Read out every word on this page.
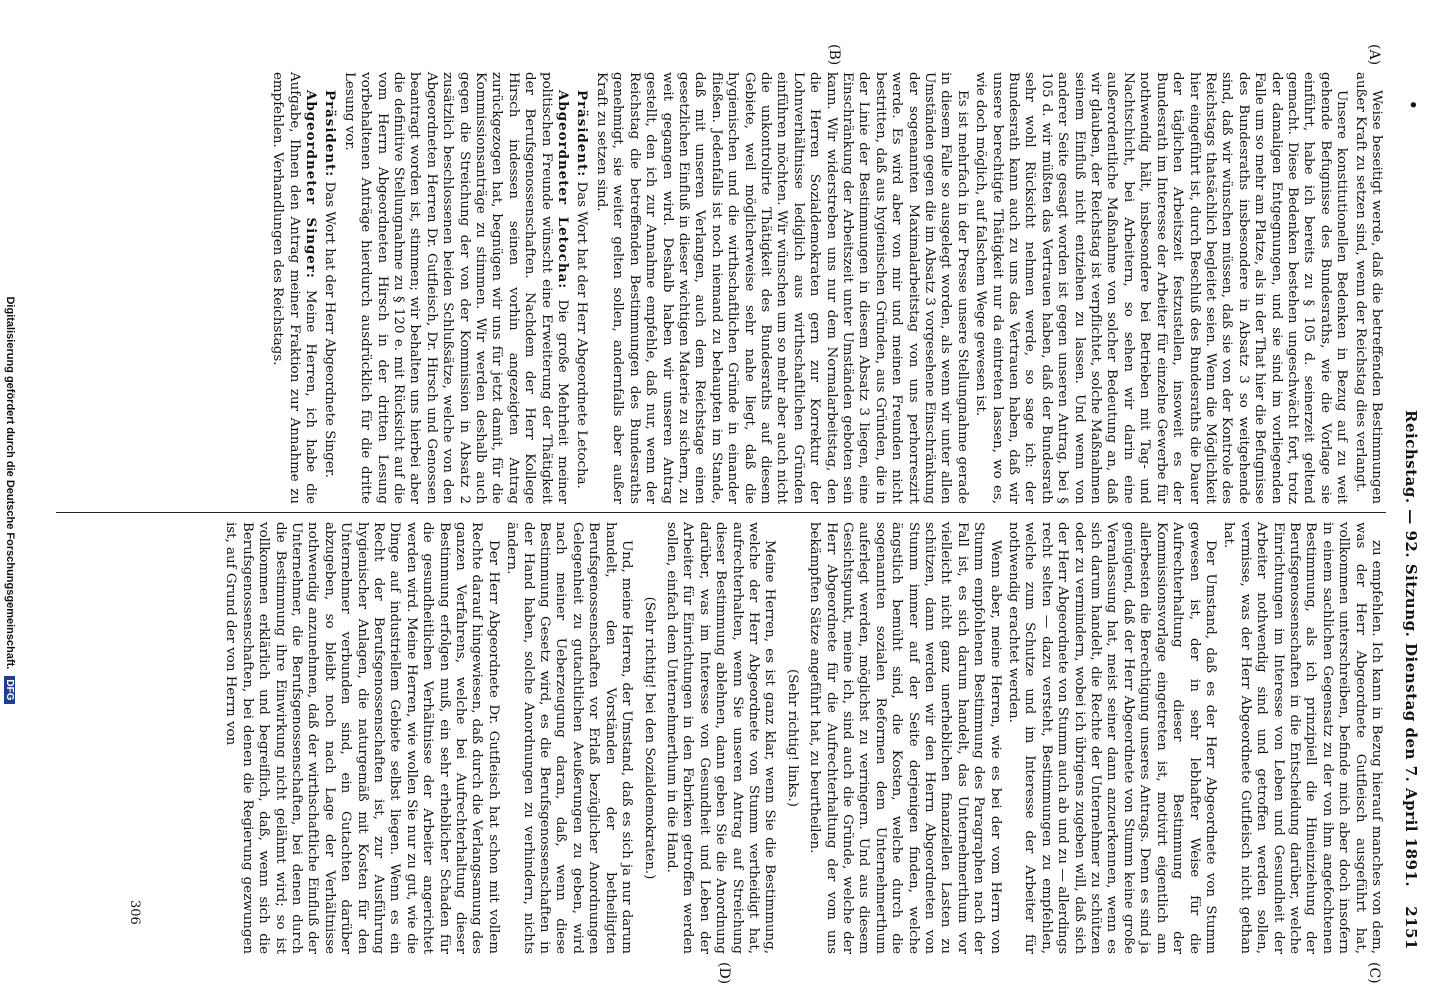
•
Reichstag. — 92. Sitzung. Dienstag den 7. April 1891.
2151
(A)
(B)
(C)
(D)

Weise beseitigt werde, daß die betreffenden Bestimmungen außer Kraft zu setzen sind, wenn der Reichstag dies verlangt.

Unsere konstitutionellen Bedenken in Bezug auf zu weit gehende Befugnisse des Bundesraths, wie die Vorlage sie einführt, habe ich bereits zu § 105 d. seinerzeit geltend gemacht. Diese Bedenken bestehen ungeschwächt fort, trotz der damaligen Entgegnungen, und sie sind im vorliegenden Falle um so mehr am Platze, als in der That hier die Befugnisse des Bundesraths insbesondere in Absatz 3 so weitgehende sind, daß wir wünschen müssen, daß sie von der Kontrole des Reichstags thatsächlich begleitet seien. Wenn die Möglichkeit hier eingeführt ist, durch Beschluß des Bundesraths die Dauer der täglichen Arbeitszeit festzustellen, insoweit es der Bundesrath im Interesse der Arbeiter für einzelne Gewerbe für nothwendig hält, insbesondere bei Betrieben mit Tag- und Nachtschicht, bei Arbeitern, so sehen wir darin eine außerordentliche Maßnahme von solcher Bedeutung an, daß wir glauben, der Reichstag ist verpflichtet, solche Maßnahmen seinem Einfluß nicht entziehen zu lassen. Und wenn von anderer Seite gesagt worden ist gegen unseren Antrag, bei § 105 d. wir müßten das Vertrauen haben, daß der Bundesrath sehr wohl Rücksicht nehmen werde, so sage ich: der Bundesrath kann auch zu uns das Vertrauen haben, daß wir unsere berechtigte Thätigkeit nur da eintreten lassen, wo es, wie doch möglich, auf falschem Wege gewesen ist.

Es ist mehrfach in der Presse unsere Stellungnahme gerade in diesem Falle so ausgelegt worden, als wenn wir unter allen Umständen gegen die im Absatz 3 vorgesehene Einschränkung der sogenannten Maximalarbeitstag von uns perhorreszirt werde. Es wird aber von mir und meinen Freunden nicht bestritten, daß aus hygienischen Gründen, aus Gründen, die in der Linie der Bestimmungen in diesem Absatz 3 liegen, eine Einschränkung der Arbeitszeit unter Umständen geboten sein kann. Wir widerstreben uns nur dem Normalarbeitstag, den die Herren Sozialdemokraten gern zur Korrektur der Lohnverhältnisse lediglich aus wirthschaftlichen Gründen einführen möchten. Wir wünschen um so mehr aber auch nicht die unkontrolirte Thätigkeit des Bundesraths auf diesem Gebiete, weil möglicherweise sehr nahe liegt, daß die hygienischen und die wirthschaftlichen Gründe in einander fließen. Jedenfalls ist noch niemand zu behaupten im Stande, daß mit unseren Verlangen, auch dem Reichstage einen gesetzlichen Einfluß in dieser wichtigen Materie zu sichern, zu weit gegangen wird. Deshalb haben wir unseren Antrag gestellt, den ich zur Annahme empfehle, daß nur, wenn der Reichstag die betreffenden Bestimmungen des Bundesraths genehmigt, sie weiter gelten sollen, andernfalls aber außer Kraft zu setzen sind.

Präsident: Das Wort hat der Herr Abgeordnete Letocha.

Abgeordneter Letocha: Die große Mehrheit meiner politischen Freunde wünscht eine Erweiterung der Thätigkeit der Berufsgenossenschaften. Nachdem der Herr Kollege Hirsch indessen seinen vorhin angezeigten Antrag zurückgezogen hat, begnügen wir uns für jetzt damit, für die Kommissionsanträge zu stimmen. Wir werden deshalb auch gegen die Streichung der von der Kommission in Absatz 2 zusätzlich beschlossenen beiden Schlußsätze, welche von den Abgeordneten Herren Dr. Gutfleisch, Dr. Hirsch und Genossen beantragt worden ist, stimmen; wir behalten uns hierbei aber die definitive Stellungnahme zu § 120 e. mit Rücksicht auf die vom Herrn Abgeordneten Hirsch in der dritten Lesung vorbehaltenen Anträge hierdurch ausdrücklich für die dritte Lesung vor.

Präsident: Das Wort hat der Herr Abgeordnete Singer.

Abgeordneter Singer: Meine Herren, ich habe die Aufgabe, Ihnen den Antrag meiner Fraktion zur Annahme zu empfehlen. Verhandlungen des Reichstags.

zu empfehlen. Ich kann in Bezug hierauf manches von dem, was der Herr Abgeordnete Gutfleisch ausgeführt hat, vollkommen unterschreiben, befinde mich aber doch insofern in einem sachlichen Gegensatz zu der von ihm angefochtenen Bestimmung, als ich prinzipiell die Hineinziehung der Berufsgenossenschaften in die Entscheidung darüber, welche Einrichtungen im Interesse von Leben und Gesundheit der Arbeiter nothwendig sind und getroffen werden sollen, vermisse, was der Herr Abgeordnete Gutfleisch nicht gethan hat.

Der Umstand, daß es der Herr Abgeordnete von Stumm gewesen ist, der in sehr lebhafter Weise für die Aufrechterhaltung dieser Bestimmung der Kommissionsvorlage eingetreten ist, motivirt eigentlich am allerbesten die Berechtigung unseres Antrags. Denn es sind ja genügend, daß der Herr Abgeordnete von Stumm keine große Veranlassung hat, meist seiner dann anzuerkennen, wenn es sich darum handelt, die Rechte der Unternehmer zu schützen oder zu vermindern, wobei ich übrigens zugeben will, daß sich der Herr Abgeordnete von Stumm auch ab und zu — allerdings recht selten — dazu versteht, Bestimmungen zu empfehlen, welche zum Schutze und im Interesse der Arbeiter für nothwendig erachtet werden.

Wenn aber, meine Herren, wie es bei der vom Herrn von Stumm empfohlenen Bestimmung des Paragraphen nach der Fall ist, es sich darum handelt, das Unternehmerthum vor vielleicht nicht ganz unerheblichen finanziellen Lasten zu schützen, dann werden wir den Herrn Abgeordneten von Stumm immer auf der Seite derjenigen finden, welche ängstlich bemüht sind, die Kosten, welche durch die sogenannten sozialen Reformen dem Unternehmerthum auferlegt werden, möglichst zu verringern. Und aus diesem Gesichtspunkt, meine ich, sind auch die Gründe, welche der Herr Abgeordnete für die Aufrechterhaltung der vom uns bekämpften Sätze angeführt hat, zu beurtheilen.

(Sehr richtig! links.)

Meine Herren, es ist ganz klar, wenn Sie die Bestimmung, welche der Herr Abgeordnete von Stumm vertheidigt hat, aufrechterhalten, wenn Sie unseren Antrag auf Streichung dieser Bestimmung ablehnen, dann geben Sie die Anordnung darüber, was im Interesse von Gesundheit und Leben der Arbeiter für Einrichtungen in den Fabriken getroffen werden sollen, einfach dem Unternehmerthum in die Hand.

(Sehr richtig! bei den Sozialdemokraten.)

Und, meine Herren, der Umstand, daß es sich ja nur darum handelt, den Vorständen der betheiligten Berufsgenossenschaften vor Erlaß bezüglicher Anordnungen Gelegenheit zu gutachtlichen Aeußerungen zu geben, wird nach meiner Ueberzeugung daran, daß, wenn diese Bestimmung Gesetz wird, es die Berufsgenossenschaften in der Hand haben, solche Anordnungen zu verhindern, nichts ändern.

Der Herr Abgeordnete Dr. Gutfleisch hat schon mit vollem Rechte darauf hingewiesen, daß durch die Verlangsamung des ganzen Verfahrens, welche bei Aufrechterhaltung dieser Bestimmung erfolgen muß, ein sehr erheblicher Schaden für die gesundheitlichen Verhältnisse der Arbeiter angerichtet werden wird. Meine Herren, wie wollen Sie nur zu gut, wie die Dinge auf industriellem Gebiete selbst liegen. Wenn es ein Recht der Berufsgenossenschaften ist, zur Ausführung hygienischer Anlagen, die naturgemäß mit Kosten für den Unternehmer verbunden sind, ein Gutachten darüber abzugeben, so bleibt noch nach Lage der Verhältnisse nothwendig anzunehmen, daß der wirthschaftliche Einfluß der Unternehmer, die Berufsgenossenschaften, bei denen durch die Bestimmung ihre Einwirkung nicht gelähmt wird; so ist vollkommen erklärlich und begreiflich, daß, wenn sich die Berufsgenossenschaften, bei denen die Regierung gezwungen ist, auf Grund der von Herrn von

306
Digitalisierung gefördert durch die Deutsche Forschungsgemeinschaft. DFG
